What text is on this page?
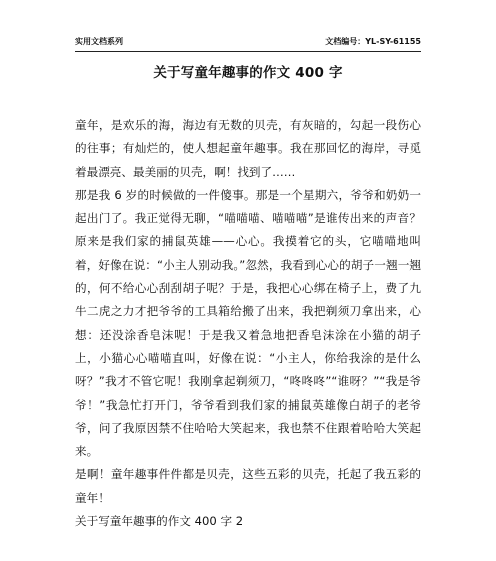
实用文档系列	文档编号：YL-SY-61155
关于写童年趣事的作文 400 字

童年，是欢乐的海，海边有无数的贝壳，有灰暗的，勾起一段伤心的往事；有灿烂的，使人想起童年趣事。我在那回忆的海岸，寻觅着最漂亮、最美丽的贝壳，啊！找到了……

那是我 6 岁的时候做的一件傻事。那是一个星期六，爷爷和奶奶一起出门了。我正觉得无聊，“喵喵喵、喵喵喵”是谁传出来的声音？原来是我们家的捕鼠英雄——心心。我摸着它的头，它喵喵地叫着，好像在说：“小主人别动我。”忽然，我看到心心的胡子一翘一翘的，何不给心心刮刮胡子呢？于是，我把心心绑在椅子上，费了九牛二虎之力才把爷爷的工具箱给搬了出来，我把剃须刀拿出来，心想：还没涂香皂沫呢！于是我又着急地把香皂沫涂在小猫的胡子上，小猫心心喵喵直叫，好像在说：“小主人，你给我涂的是什么呀？”我才不管它呢！我刚拿起剃须刀，“咚咚咚”“谁呀？”“我是爷爷！”我急忙打开门，爷爷看到我们家的捕鼠英雄像白胡子的老爷爷，问了我原因禁不住哈哈大笑起来，我也禁不住跟着哈哈大笑起来。

是啊！童年趣事件件都是贝壳，这些五彩的贝壳，托起了我五彩的童年！

关于写童年趣事的作文 400 字 2
